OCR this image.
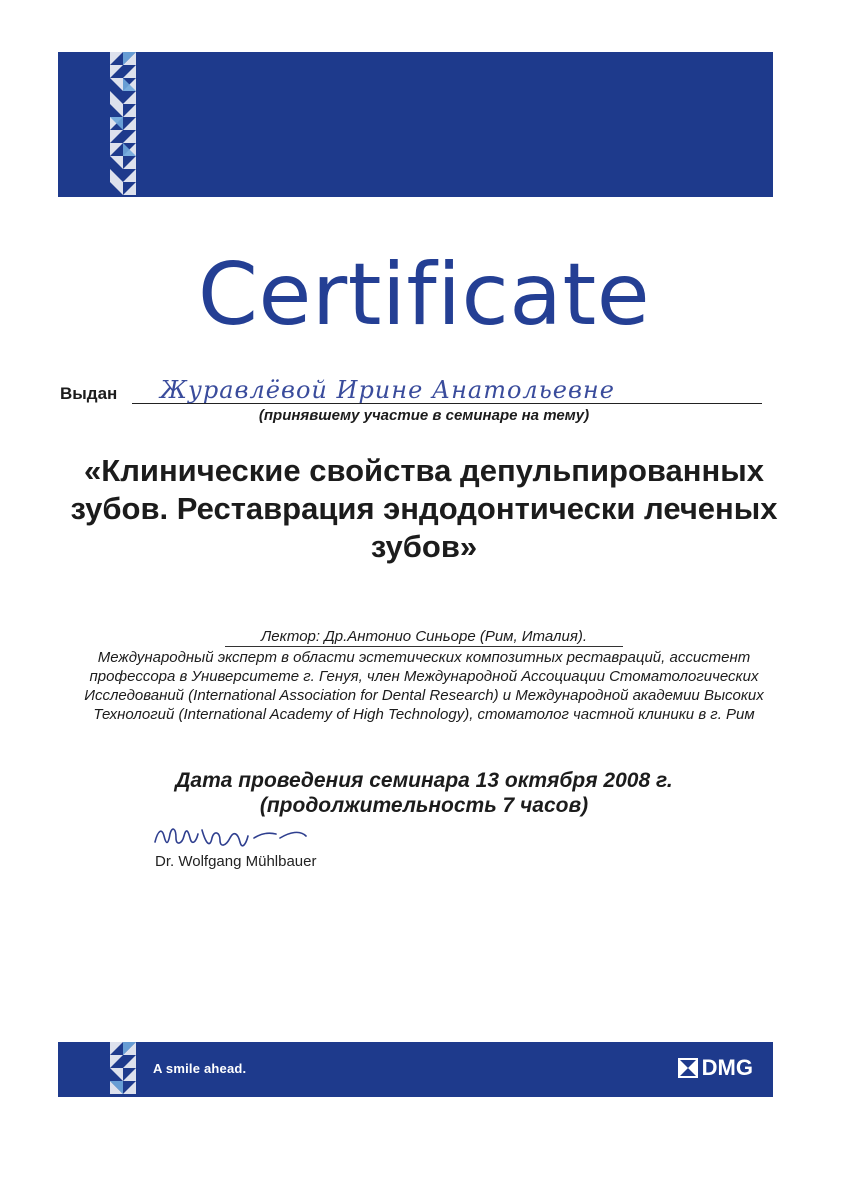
Certificate
Выдан Журавлёвой Ирине Анатольевне
(принявшему участие в семинаре на тему)
«Клинические свойства депульпированных зубов. Реставрация эндодонтически леченых зубов»
Лектор: Др.Антонио Синьоре (Рим, Италия).
Международный эксперт в области эстетических композитных реставраций, ассистент профессора в Университете г. Генуя, член Международной Ассоциации Стоматологических Исследований (International Association for Dental Research) и Международной академии Высоких Технологий (International Academy of High Technology), стоматолог частной клиники в г. Рим
Дата проведения семинара 13 октября 2008 г.
(продолжительность 7 часов)
Dr. Wolfgang Mühlbauer
A smile ahead.	DMG
